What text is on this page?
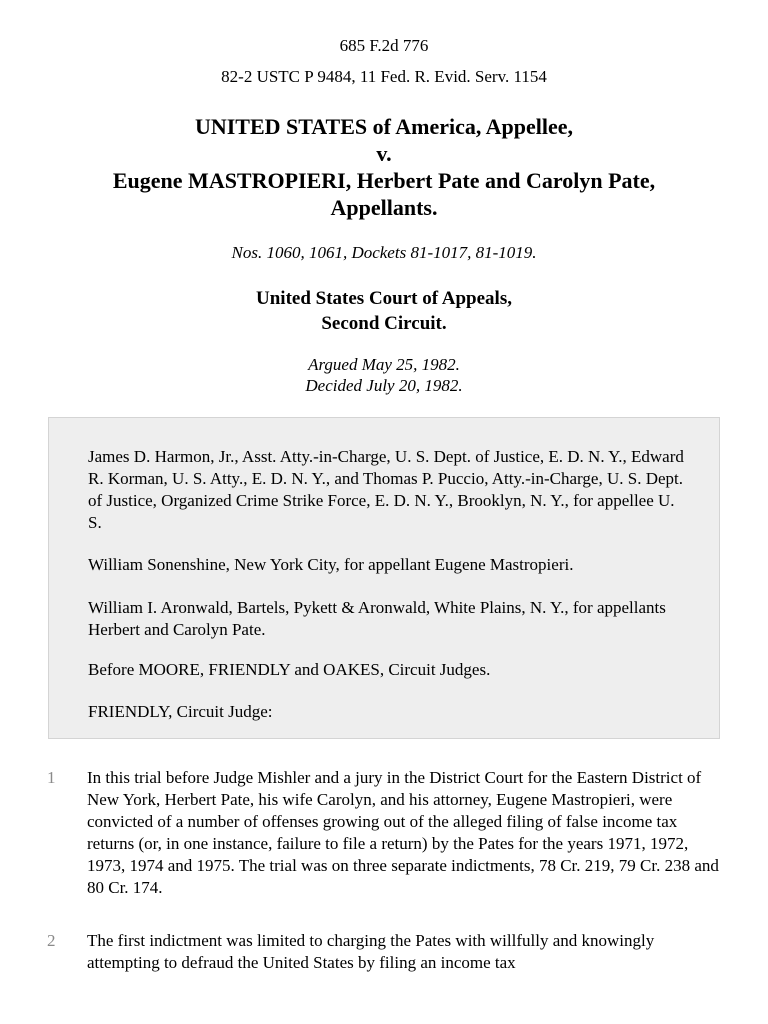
685 F.2d 776
82-2 USTC P 9484, 11 Fed. R. Evid. Serv. 1154
UNITED STATES of America, Appellee,
v.
Eugene MASTROPIERI, Herbert Pate and Carolyn Pate,
Appellants.
Nos. 1060, 1061, Dockets 81-1017, 81-1019.
United States Court of Appeals,
Second Circuit.
Argued May 25, 1982.
Decided July 20, 1982.

James D. Harmon, Jr., Asst. Atty.-in-Charge, U. S. Dept. of Justice, E. D. N. Y., Edward R. Korman, U. S. Atty., E. D. N. Y., and Thomas P. Puccio, Atty.-in-Charge, U. S. Dept. of Justice, Organized Crime Strike Force, E. D. N. Y., Brooklyn, N. Y., for appellee U. S.

William Sonenshine, New York City, for appellant Eugene Mastropieri.

William I. Aronwald, Bartels, Pykett & Aronwald, White Plains, N. Y., for appellants Herbert and Carolyn Pate.

Before MOORE, FRIENDLY and OAKES, Circuit Judges.

FRIENDLY, Circuit Judge:

1 In this trial before Judge Mishler and a jury in the District Court for the Eastern District of New York, Herbert Pate, his wife Carolyn, and his attorney, Eugene Mastropieri, were convicted of a number of offenses growing out of the alleged filing of false income tax returns (or, in one instance, failure to file a return) by the Pates for the years 1971, 1972, 1973, 1974 and 1975. The trial was on three separate indictments, 78 Cr. 219, 79 Cr. 238 and 80 Cr. 174.
2 The first indictment was limited to charging the Pates with willfully and knowingly attempting to defraud the United States by filing an income tax
